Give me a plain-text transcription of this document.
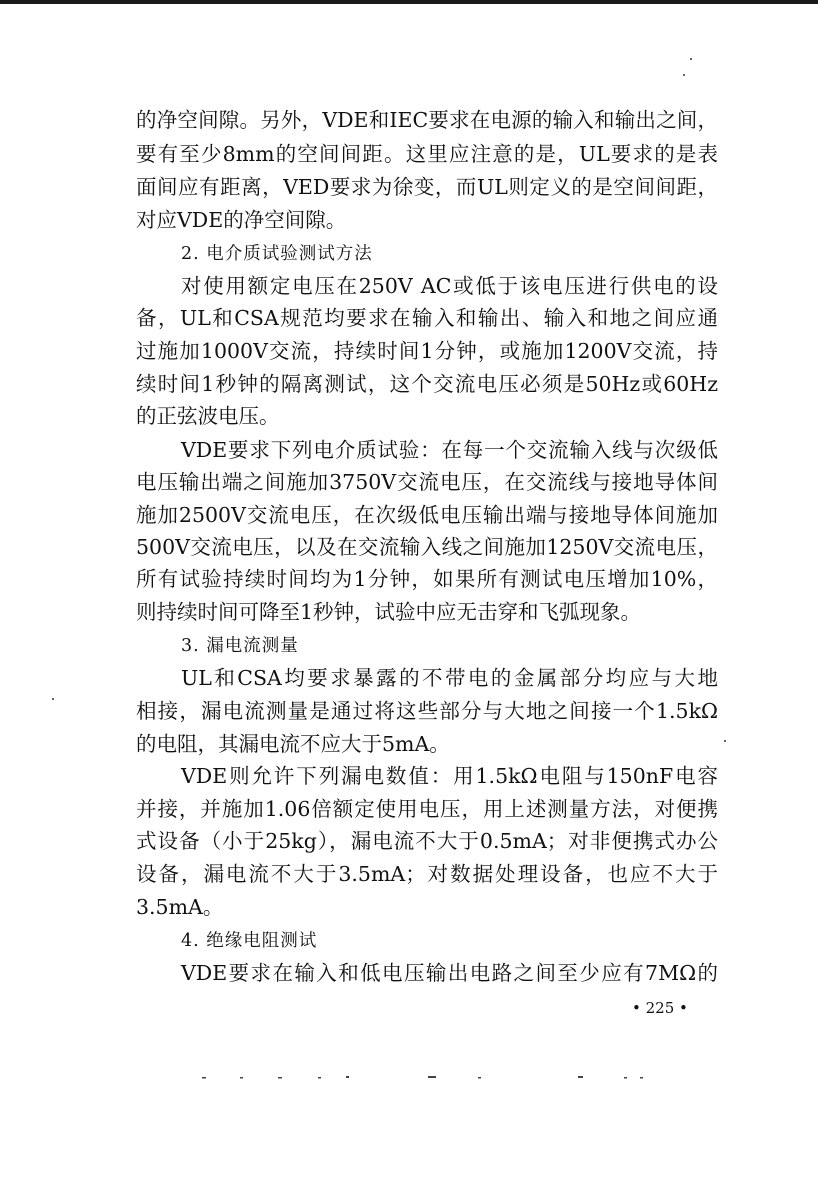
的净空间隙。另外，VDE和IEC要求在电源的输入和输出之间，
要有至少8mm的空间间距。这里应注意的是，UL要求的是表
面间应有距离，VED要求为徐变，而UL则定义的是空间间距，
对应VDE的净空间隙。
2. 电介质试验测试方法
对使用额定电压在250V AC或低于该电压进行供电的设
备，UL和CSA规范均要求在输入和输出、输入和地之间应通
过施加1000V交流，持续时间1分钟，或施加1200V交流，持
续时间1秒钟的隔离测试，这个交流电压必须是50Hz或60Hz
的正弦波电压。
VDE要求下列电介质试验：在每一个交流输入线与次级低
电压输出端之间施加3750V交流电压，在交流线与接地导体间
施加2500V交流电压，在次级低电压输出端与接地导体间施加
500V交流电压，以及在交流输入线之间施加1250V交流电压，
所有试验持续时间均为1分钟，如果所有测试电压增加10%，
则持续时间可降至1秒钟，试验中应无击穿和飞弧现象。
3. 漏电流测量
UL和CSA均要求暴露的不带电的金属部分均应与大地
相接，漏电流测量是通过将这些部分与大地之间接一个1.5kΩ
的电阻，其漏电流不应大于5mA。
VDE则允许下列漏电数值：用1.5kΩ电阻与150nF电容
并接，并施加1.06倍额定使用电压，用上述测量方法，对便携
式设备（小于25kg），漏电流不大于0.5mA；对非便携式办公
设备，漏电流不大于3.5mA；对数据处理设备，也应不大于
3.5mA。
4. 绝缘电阻测试
VDE要求在输入和低电压输出电路之间至少应有7MΩ的
• 225 •
